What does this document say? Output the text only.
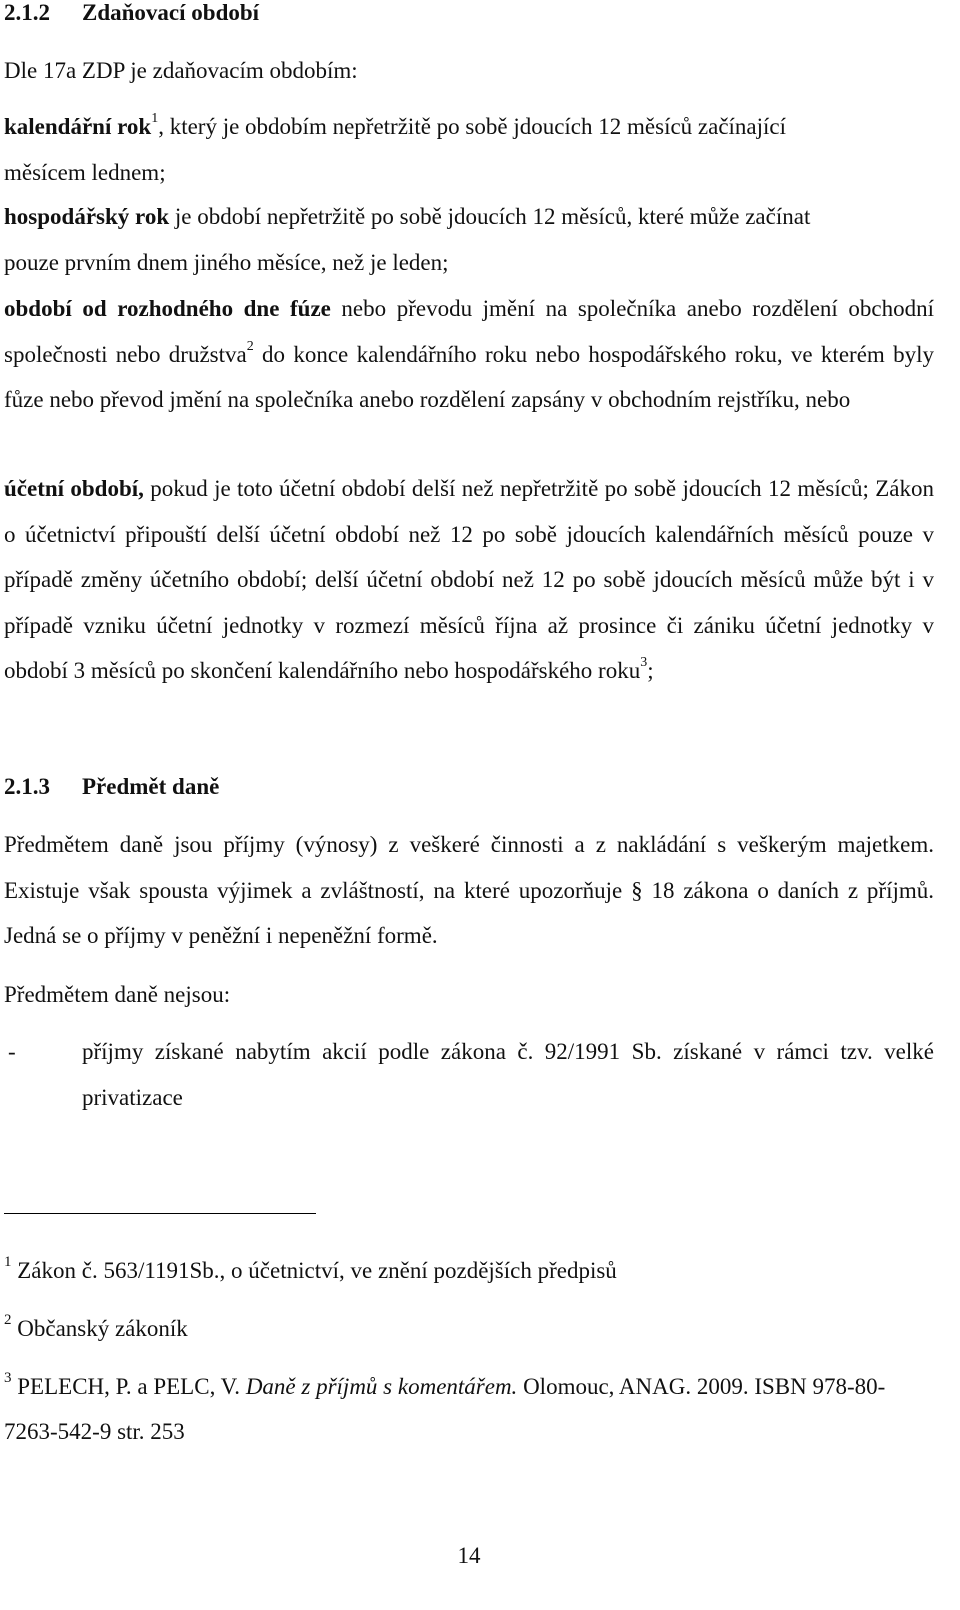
2.1.2 Zdaňovací období

Dle 17a ZDP je zdaňovacím obdobím:

kalendářní rok$^1$, který je obdobím nepřetržitě po sobě jdoucích 12 měsíců začínající
měsícem lednem;
hospodářský rok je období nepřetržitě po sobě jdoucích 12 měsíců, které může začínat
pouze prvním dnem jiného měsíce, než je leden;

období od rozhodného dne fúze nebo převodu jmění na společníka anebo rozdělení obchodní společnosti nebo družstva$^2$ do konce kalendářního roku nebo hospodářského roku, ve kterém byly fůze nebo převod jmění na společníka anebo rozdělení zapsány v obchodním rejstříku, nebo

účetní období, pokud je toto účetní období delší než nepřetržitě po sobě jdoucích 12 měsíců; Zákon o účetnictví připouští delší účetní období než 12 po sobě jdoucích kalendářních měsíců pouze v případě změny účetního období; delší účetní období než 12 po sobě jdoucích měsíců může být i v případě vzniku účetní jednotky v rozmezí měsíců října až prosince či zániku účetní jednotky v období 3 měsíců po skončení kalendářního nebo hospodářského roku$^3$;

2.1.3 Předmět daně

Předmětem daně jsou příjmy (výnosy) z veškeré činnosti a z nakládání s veškerým majetkem. Existuje však spousta výjimek a zvláštností, na které upozorňuje § 18 zákona o daních z příjmů. Jedná se o příjmy v peněžní i nepeněžní formě.

Předmětem daně nejsou:

-	příjmy získané nabytím akcií podle zákona č. 92/1991 Sb. získané v rámci tzv. velké privatizace
$^1$ Zákon č. 563/1191Sb., o účetnictví, ve znění pozdějších předpisů
$^2$ Občanský zákoník

$^3$ PELECH, P. a PELC, V. Daně z příjmů s komentářem. Olomouc, ANAG. 2009. ISBN 978-80-7263-542-9 str. 253

14
